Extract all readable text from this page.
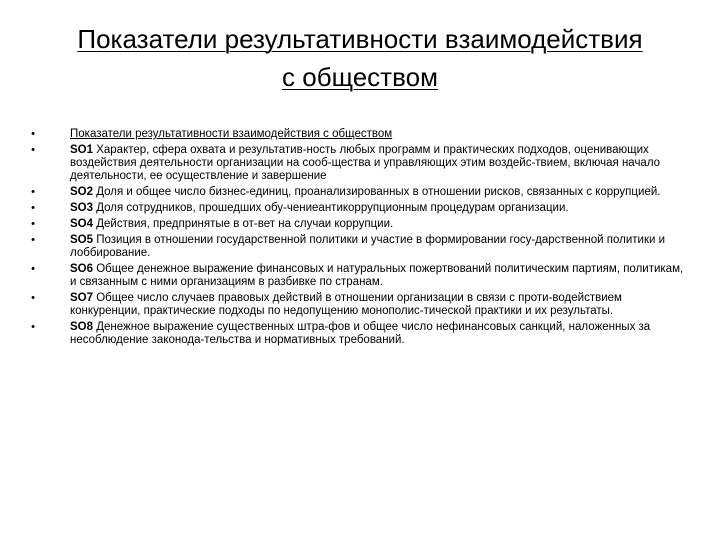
Показатели результативности взаимодействия
с обществом
•	Показатели результативности взаимодействия с обществом
•	SO1 Характер, сфера охвата и результатив-ность любых программ и практических подходов, оценивающих воздействия деятельности организации на сооб-щества и управляющих этим воздейс-твием, включая начало деятельности, ее осуществление и завершение
•	SO2 Доля и общее число бизнес-единиц, проанализированных в отношении рисков, связанных с коррупцией.
•	SO3 Доля сотрудников, прошедших обу-чениеантикоррупционным процедурам организации.
•	SO4 Действия, предпринятые в от-вет на случаи коррупции.
•	SO5 Позиция в отношении государственной политики и участие в формировании госу-дарственной политики и лоббирование.
•	SO6 Общее денежное выражение финансовых и натуральных пожертвований политическим партиям, политикам, и связанным с ними организациям в разбивке по странам.
•	SO7 Общее число случаев правовых действий в отношении организации в связи с проти-водействием конкуренции, практические подходы по недопущению монополис-тической практики и их результаты.
•	SO8 Денежное выражение существенных штра-фов и общее число нефинансовых санкций, наложенных за несоблюдение законода-тельства и нормативных требований.
